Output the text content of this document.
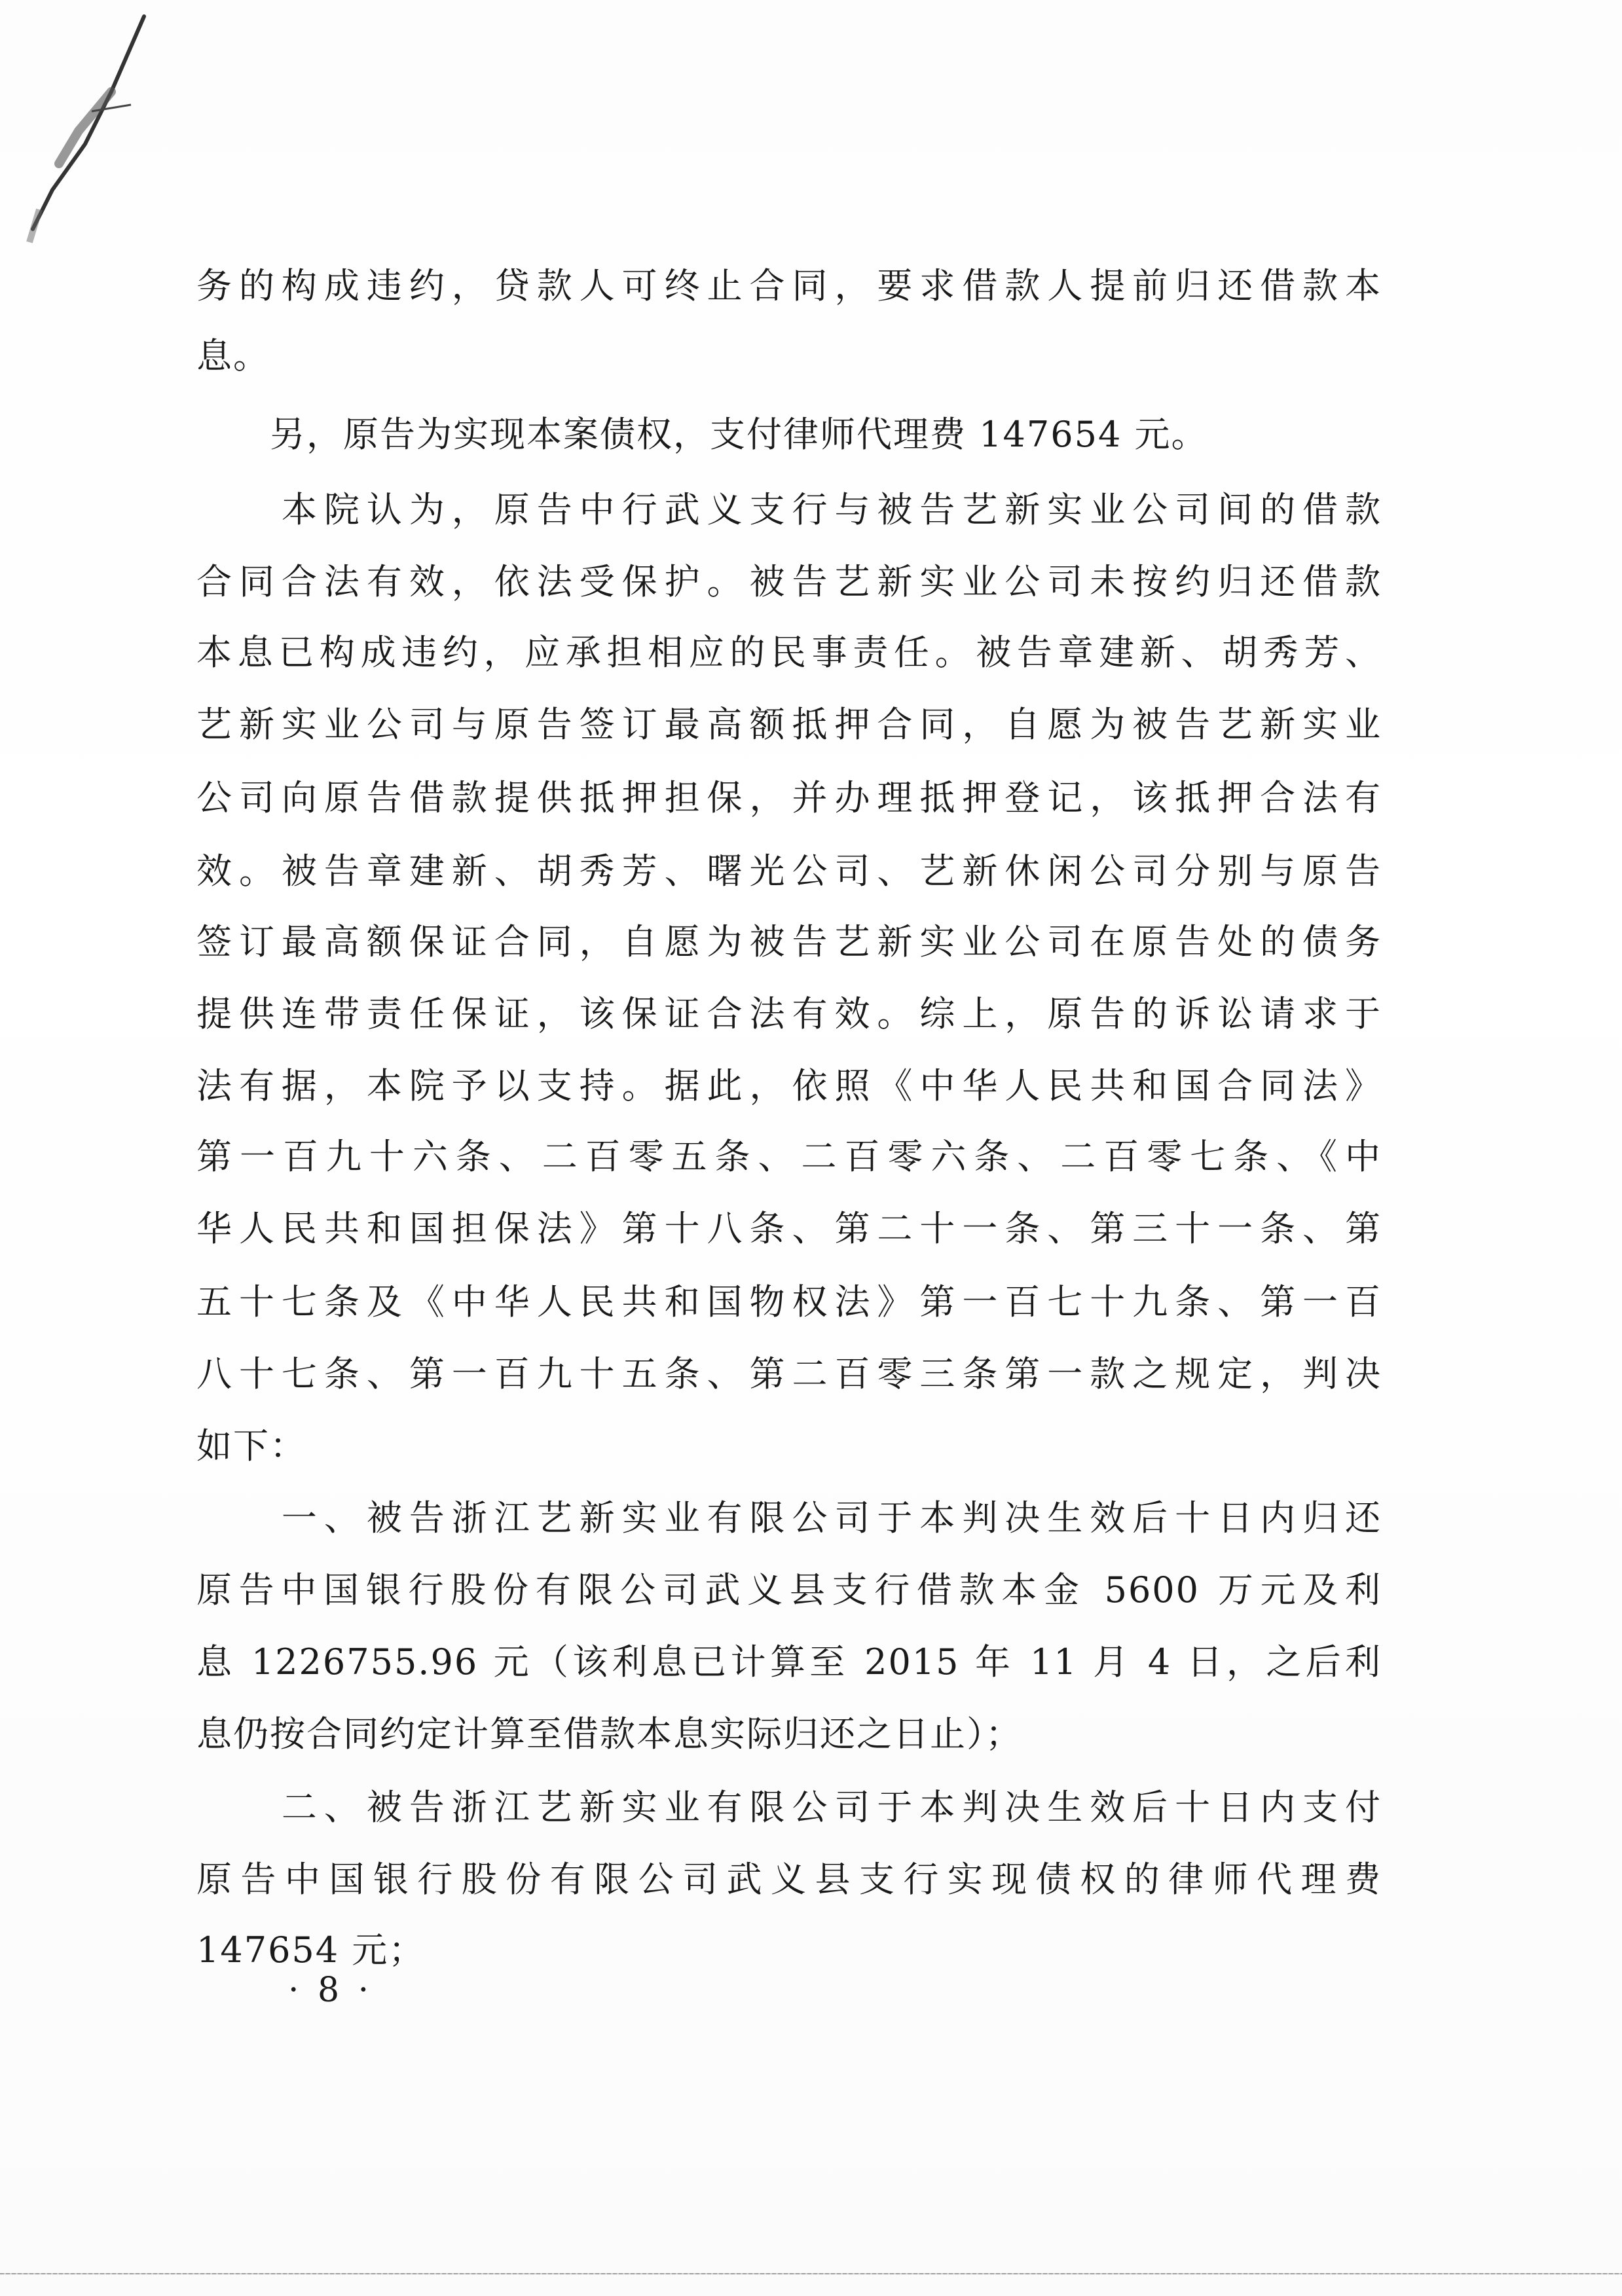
务的构成违约，贷款人可终止合同，要求借款人提前归还借款本
息。
　　另，原告为实现本案债权，支付律师代理费 147654 元。
　　本院认为，原告中行武义支行与被告艺新实业公司间的借款
合同合法有效，依法受保护。被告艺新实业公司未按约归还借款
本息已构成违约，应承担相应的民事责任。被告章建新、胡秀芳、
艺新实业公司与原告签订最高额抵押合同，自愿为被告艺新实业
公司向原告借款提供抵押担保，并办理抵押登记，该抵押合法有
效。被告章建新、胡秀芳、曙光公司、艺新休闲公司分别与原告
签订最高额保证合同，自愿为被告艺新实业公司在原告处的债务
提供连带责任保证，该保证合法有效。综上，原告的诉讼请求于
法有据，本院予以支持。据此，依照《中华人民共和国合同法》
第一百九十六条、二百零五条、二百零六条、二百零七条、《中
华人民共和国担保法》第十八条、第二十一条、第三十一条、第
五十七条及《中华人民共和国物权法》第一百七十九条、第一百
八十七条、第一百九十五条、第二百零三条第一款之规定，判决
如下：
　　一、被告浙江艺新实业有限公司于本判决生效后十日内归还
原告中国银行股份有限公司武义县支行借款本金 5600 万元及利
息 1226755.96 元（该利息已计算至 2015 年 11 月 4 日，之后利
息仍按合同约定计算至借款本息实际归还之日止）；
　　二、被告浙江艺新实业有限公司于本判决生效后十日内支付
原告中国银行股份有限公司武义县支行实现债权的律师代理费
147654 元；
· 8 ·
